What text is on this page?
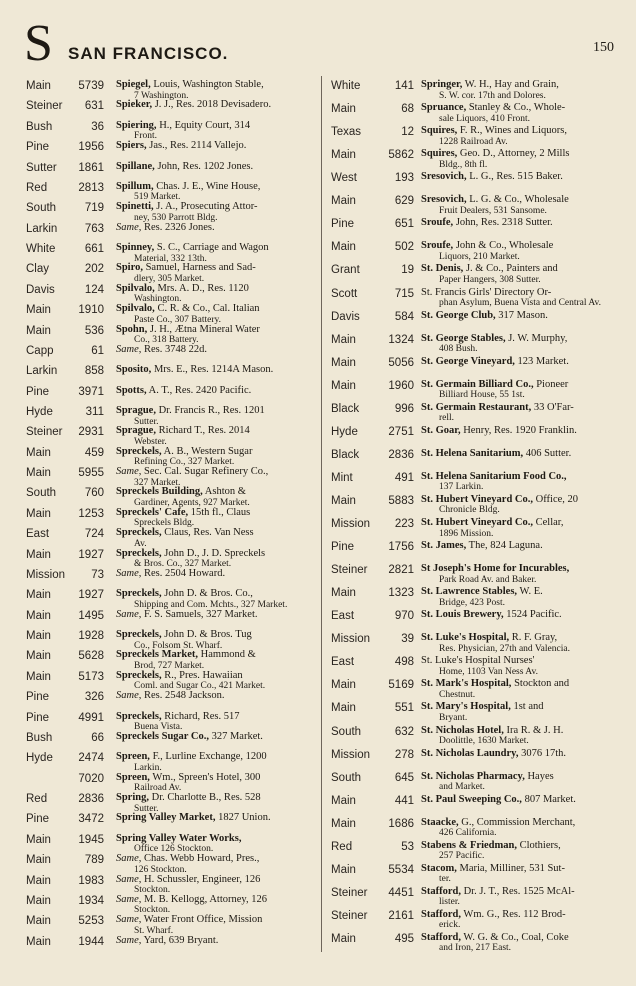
S SAN FRANCISCO.	150
Main	5739 Spiegel, Louis, Washington Stable,
7 Washington.
Steiner	631 Spieker, J. J., Res. 2018 Devisadero.
Bush	36 Spiering, H., Equity Court, 314
Front.
Pine	1956 Spiers, Jas., Res. 2114 Vallejo.
Sutter	1861 Spillane, John, Res. 1202 Jones.
Red	2813 Spillum, Chas. J. E., Wine House,
519 Market.
South	719 Spinetti, J. A., Prosecuting Attor-
ney, 530 Parrott Bldg.
Larkin	763 Same, Res. 2326 Jones.
White	661 Spinney, S. C., Carriage and Wagon
Material, 332 13th.
Clay	202 Spiro, Samuel, Harness and Sad-
dlery, 305 Market.
Davis	124 Spilvalo, Mrs. A. D., Res. 1120
Washington.
Main	1910 Spilvalo, C. R. & Co., Cal. Italian
Paste Co., 307 Battery.
Main	536 Spohn, J. H., Ætna Mineral Water
Co., 318 Battery.
Capp	61 Same, Res. 3748 22d.
Larkin	858 Sposito, Mrs. E., Res. 1214A Mason.
Pine	3971 Spotts, A. T., Res. 2420 Pacific.
Hyde	311 Sprague, Dr. Francis R., Res. 1201
Sutter.
Steiner	2931 Sprague, Richard T., Res. 2014
Webster.
Main	459 Spreckels, A. B., Western Sugar
Refining Co., 327 Market.
Main	5955 Same, Sec. Cal. Sugar Refinery Co.,
327 Market.
South	760 Spreckels Building, Ashton &
Gardiner, Agents, 927 Market.
Main	1253 Spreckels' Cafe, 15th fl., Claus
Spreckels Bldg.
East	724 Spreckels, Claus, Res. Van Ness
Av.
Main	1927 Spreckels, John D., J. D. Spreckels
& Bros. Co., 327 Market.
Mission	73 Same, Res. 2504 Howard.
Main	1927 Spreckels, John D. & Bros. Co.,
Shipping and Com. Mchts., 327 Market.
Main	1495 Same, F. S. Samuels, 327 Market.
Main	1928 Spreckels, John D. & Bros. Tug
Co., Folsom St. Wharf.
Main	5628 Spreckels Market, Hammond &
Brod, 727 Market.
Main	5173 Spreckels, R., Pres. Hawaiian
Coml. and Sugar Co., 421 Market.
Pine	326 Same, Res. 2548 Jackson.
Pine	4991 Spreckels, Richard, Res. 517
Buena Vista.
Bush	66 Spreckels Sugar Co., 327 Market.
Hyde	2474 Spreen, F., Lurline Exchange, 1200
Larkin.
7020 Spreen, Wm., Spreen's Hotel, 300
Railroad Av.
Red	2836 Spring, Dr. Charlotte B., Res. 528
Sutter.
Pine	3472 Spring Valley Market, 1827 Union.
Main	1945 Spring Valley Water Works,
Office 126 Stockton.
Main	789 Same, Chas. Webb Howard, Pres.,
126 Stockton.
Main	1983 Same, H. Schussler, Engineer, 126
Stockton.
Main	1934 Same, M. B. Kellogg, Attorney, 126
Stockton.
Main	5253 Same, Water Front Office, Mission
St. Wharf.
Main	1944 Same, Yard, 639 Bryant.
White	141 Springer, W. H., Hay and Grain,
S. W. cor. 17th and Dolores.
Main	68 Spruance, Stanley & Co., Whole-
sale Liquors, 410 Front.
Texas	12 Squires, F. R., Wines and Liquors,
1228 Railroad Av.
Main	5862 Squires, Geo. D., Attorney, 2 Mills
Bldg., 8th fl.
West	193 Sresovich, L. G., Res. 515 Baker.
Main	629 Sresovich, L. G. & Co., Wholesale
Fruit Dealers, 531 Sansome.
Pine	651 Sroufe, John, Res. 2318 Sutter.
Main	502 Sroufe, John & Co., Wholesale
Liquors, 210 Market.
Grant	19 St. Denis, J. & Co., Painters and
Paper Hangers, 308 Sutter.
Scott	715 St. Francis Girls' Directory Or-
phan Asylum, Buena Vista and Central Av.
Davis	584 St. George Club, 317 Mason.
Main	1324 St. George Stables, J. W. Murphy,
408 Bush.
Main	5056 St. George Vineyard, 123 Market.
Main	1960 St. Germain Billiard Co., Pioneer
Billiard House, 55 1st.
Black	996 St. Germain Restaurant, 33 O'Far-
rell.
Hyde	2751 St. Goar, Henry, Res. 1920 Franklin.
Black	2836 St. Helena Sanitarium, 406 Sutter.
Mint	491 St. Helena Sanitarium Food Co.,
137 Larkin.
Main	5883 St. Hubert Vineyard Co., Office, 20
Chronicle Bldg.
Mission	223 St. Hubert Vineyard Co., Cellar,
1896 Mission.
Pine	1756 St. James, The, 824 Laguna.
Steiner	2821 St Joseph's Home for Incurables,
Park Road Av. and Baker.
Main	1323 St. Lawrence Stables, W. E.
Bridge, 423 Post.
East	970 St. Louis Brewery, 1524 Pacific.
Mission	39 St. Luke's Hospital, R. F. Gray,
Res. Physician, 27th and Valencia.
East	498 St. Luke's Hospital Nurses'
Home, 1103 Van Ness Av.
Main	5169 St. Mark's Hospital, Stockton and
Chestnut.
Main	551 St. Mary's Hospital, 1st and
Bryant.
South	632 St. Nicholas Hotel, Ira R. & J. H.
Doolittle, 1630 Market.
Mission	278 St. Nicholas Laundry, 3076 17th.
South	645 St. Nicholas Pharmacy, Hayes
and Market.
Main	441 St. Paul Sweeping Co., 807 Market.
Main	1686 Staacke, G., Commission Merchant,
426 California.
Red	53 Stabens & Friedman, Clothiers,
257 Pacific.
Main	5534 Stacom, Maria, Milliner, 531 Sut-
ter.
Steiner	4451 Stafford, Dr. J. T., Res. 1525 McAl-
lister.
Steiner	2161 Stafford, Wm. G., Res. 112 Brod-
erick.
Main	495 Stafford, W. G. & Co., Coal, Coke
and Iron, 217 East.
